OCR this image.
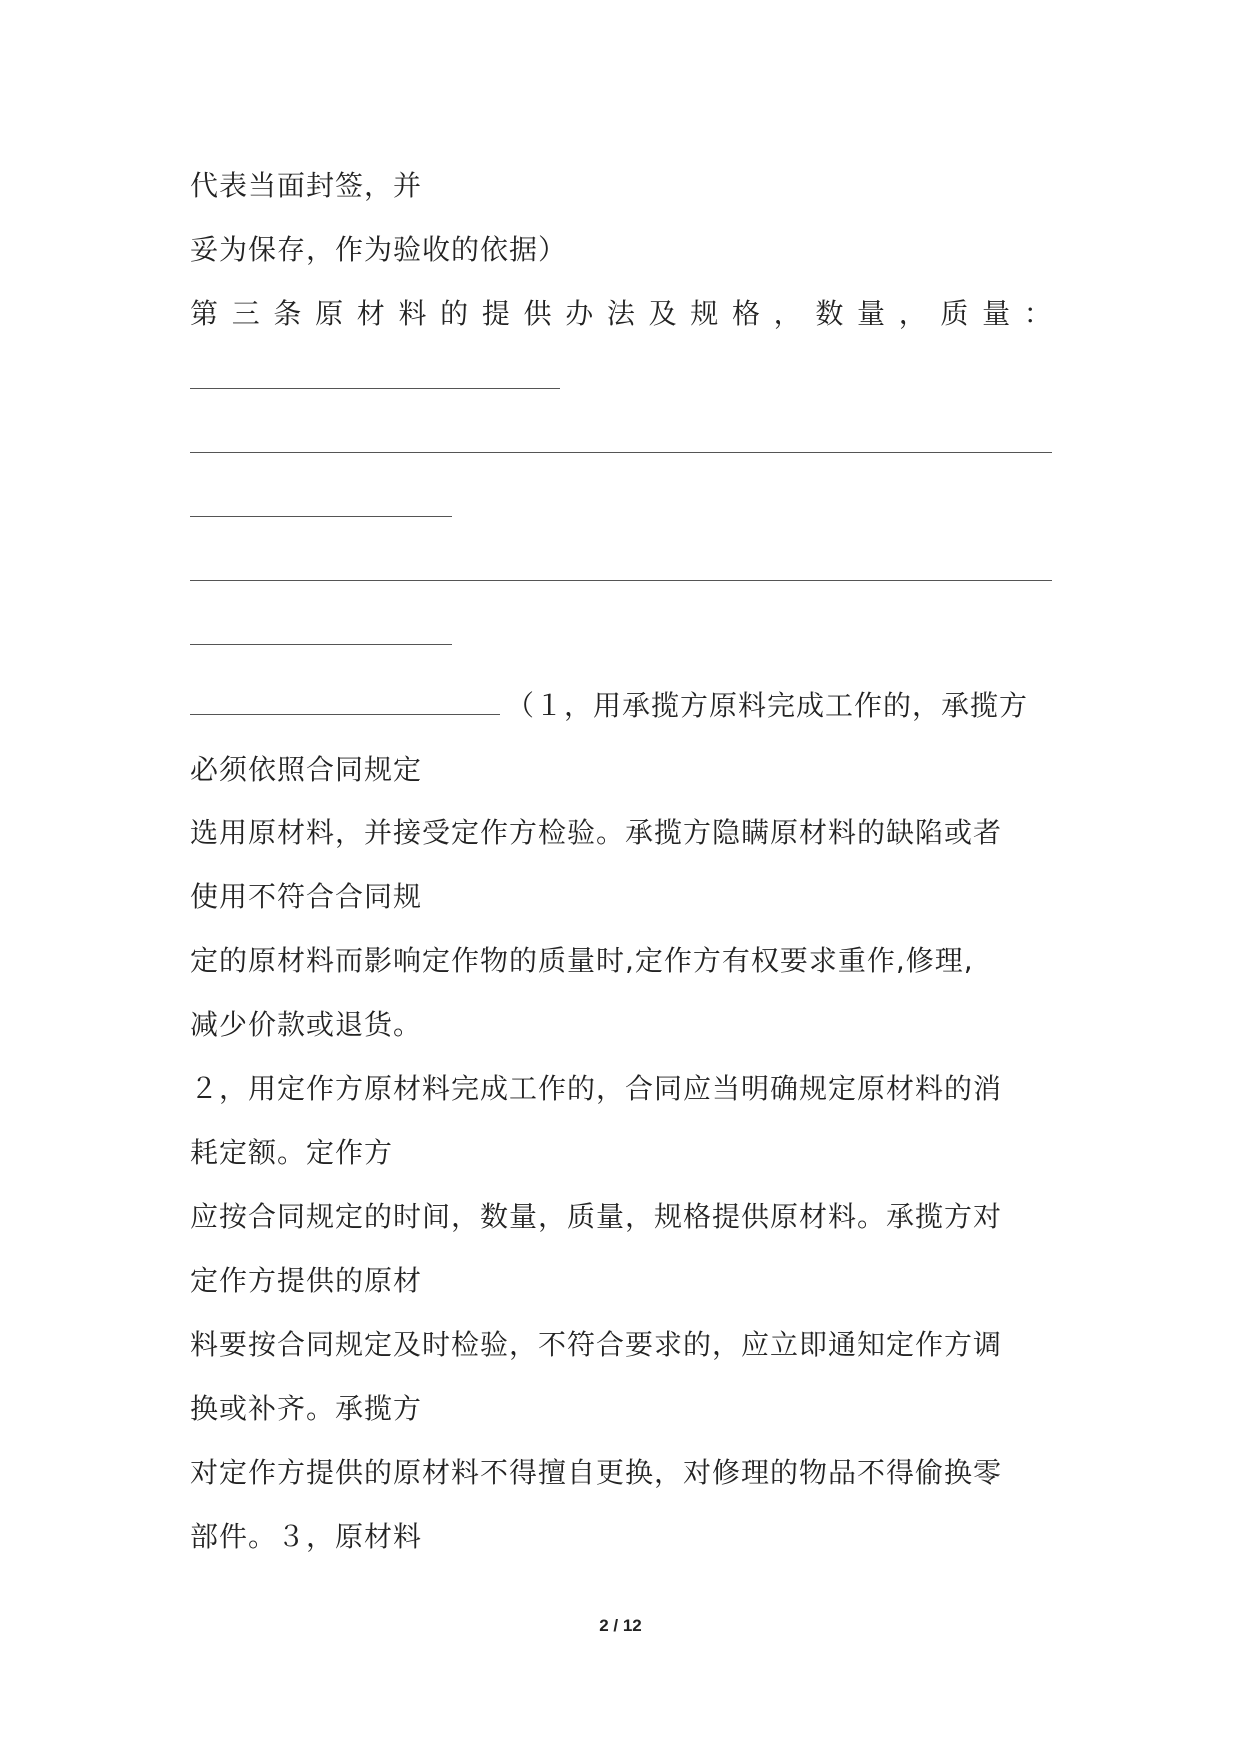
代表当面封签，并
妥为保存，作为验收的依据）
第 三 条 原 材 料 的 提 供 办 法 及 规 格 ， 数 量 ， 质 量 ：
（１，用承揽方原料完成工作的，承揽方
必须依照合同规定
选用原材料，并接受定作方检验。承揽方隐瞒原材料的缺陷或者
使用不符合合同规
定的原材料而影响定作物的质量时,定作方有权要求重作,修理,
减少价款或退货。
２，用定作方原材料完成工作的，合同应当明确规定原材料的消
耗定额。定作方
应按合同规定的时间，数量，质量，规格提供原材料。承揽方对
定作方提供的原材
料要按合同规定及时检验，不符合要求的，应立即通知定作方调
换或补齐。承揽方
对定作方提供的原材料不得擅自更换，对修理的物品不得偷换零
部件。３，原材料
2 / 12
